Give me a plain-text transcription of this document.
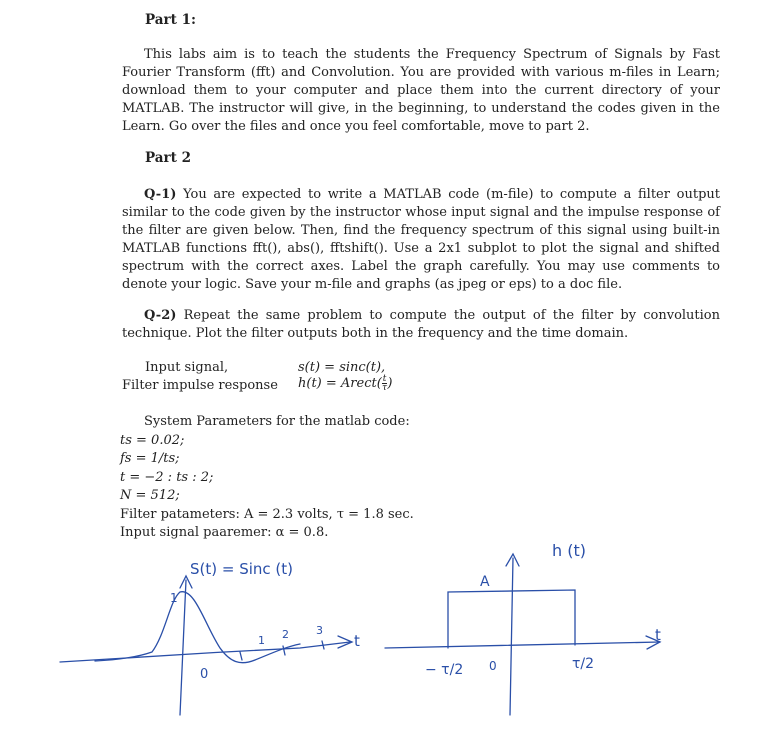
Part 1:

This labs aim is to teach the students the Frequency Spectrum of Signals by Fast Fourier Transform (fft) and Convolution. You are provided with various m-files in Learn; download them to your computer and place them into the current directory of your MATLAB. The instructor will give, in the beginning, to understand the codes given in the Learn. Go over the files and once you feel comfortable, move to part 2.

Part 2

Q-1) You are expected to write a MATLAB code (m-file) to compute a filter output similar to the code given by the instructor whose input signal and the impulse response of the filter are given below. Then, find the frequency spectrum of this signal using built-in MATLAB functions fft(), abs(), fftshift(). Use a 2x1 subplot to plot the signal and shifted spectrum with the correct axes. Label the graph carefully. You may use comments to denote your logic. Save your m-file and graphs (as jpeg or eps) to a doc file.

Q-2) Repeat the same problem to compute the output of the filter by convolution technique. Plot the filter outputs both in the frequency and the time domain.

Input signal,	s(t) = sinc(t),
Filter impulse response h(t) = Arect( $\frac{t}{\tau}$ )
System Parameters for the matlab code:
ts = 0.02;
fs = 1/ts;
t = −2 : ts : 2;
N = 512;
Filter patameters: A = 2.3 volts, τ = 1.8 sec.
Input signal paaremer: α = 0.8.
S(t) = Sinc (t)
1
0
1 2 3
t
h (t)
A
− τ/2 0	τ/2
t
